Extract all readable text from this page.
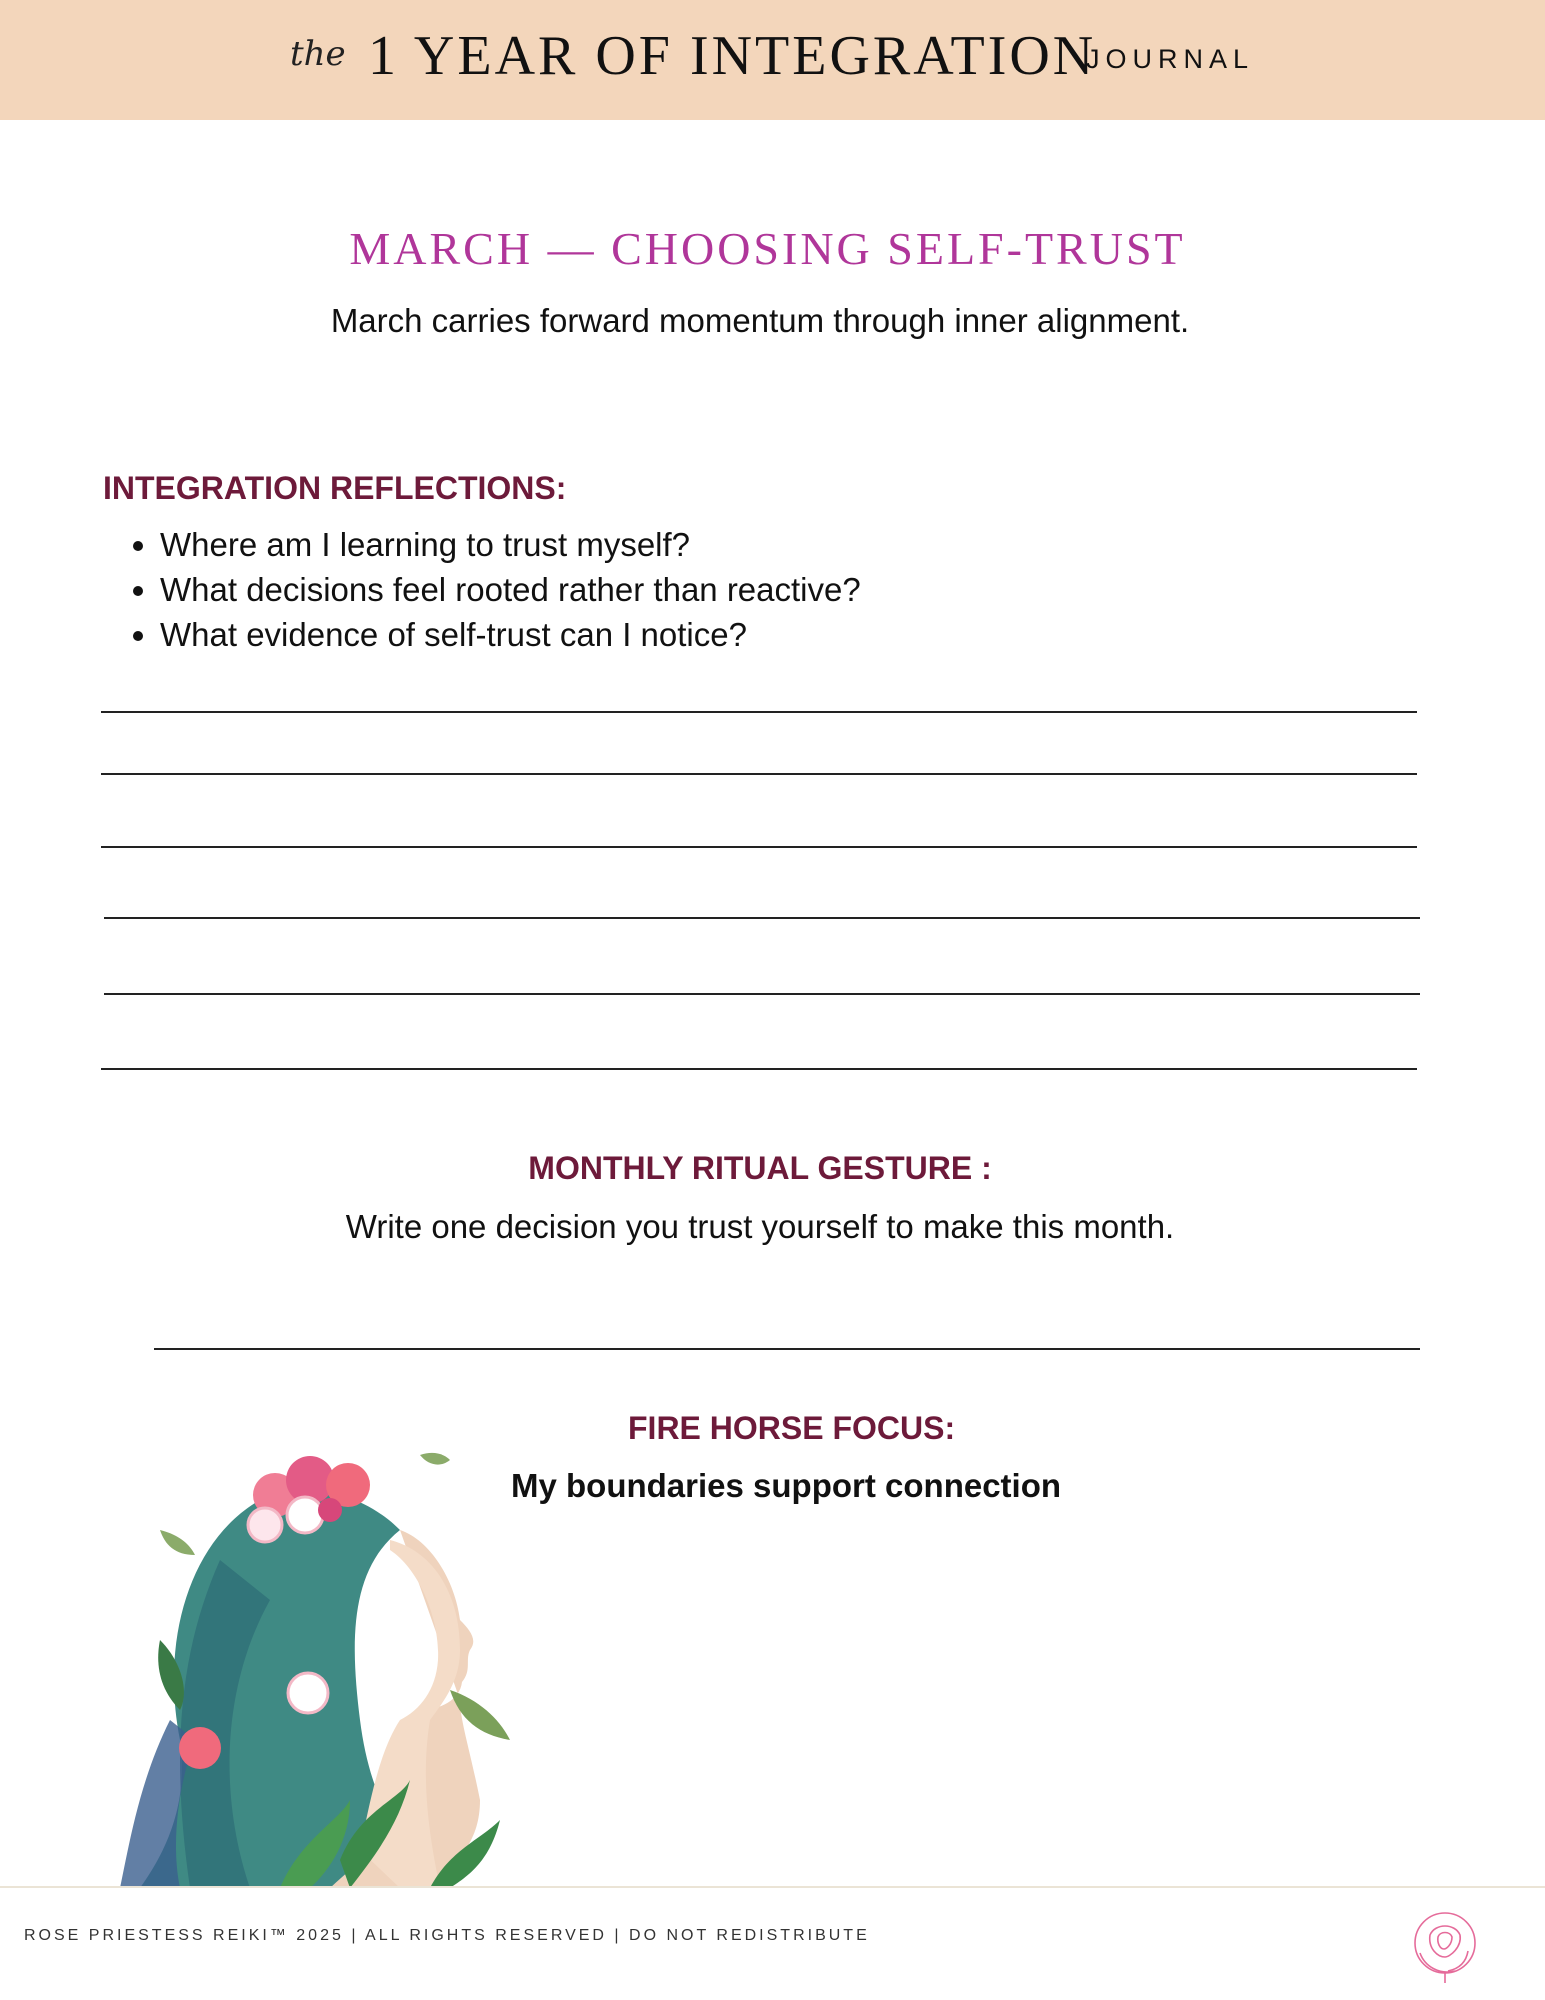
the 1 YEAR OF INTEGRATION
JOURNAL
MARCH — CHOOSING SELF-TRUST
March carries forward momentum through inner alignment.
INTEGRATION REFLECTIONS:
• Where am I learning to trust myself?
• What decisions feel rooted rather than reactive?
• What evidence of self-trust can I notice?
MONTHLY RITUAL GESTURE :
Write one decision you trust yourself to make this month.
FIRE HORSE FOCUS:
My boundaries support connection
ROSE PRIESTESS REIKI™ 2025 | ALL RIGHTS RESERVED | DO NOT REDISTRIBUTE
